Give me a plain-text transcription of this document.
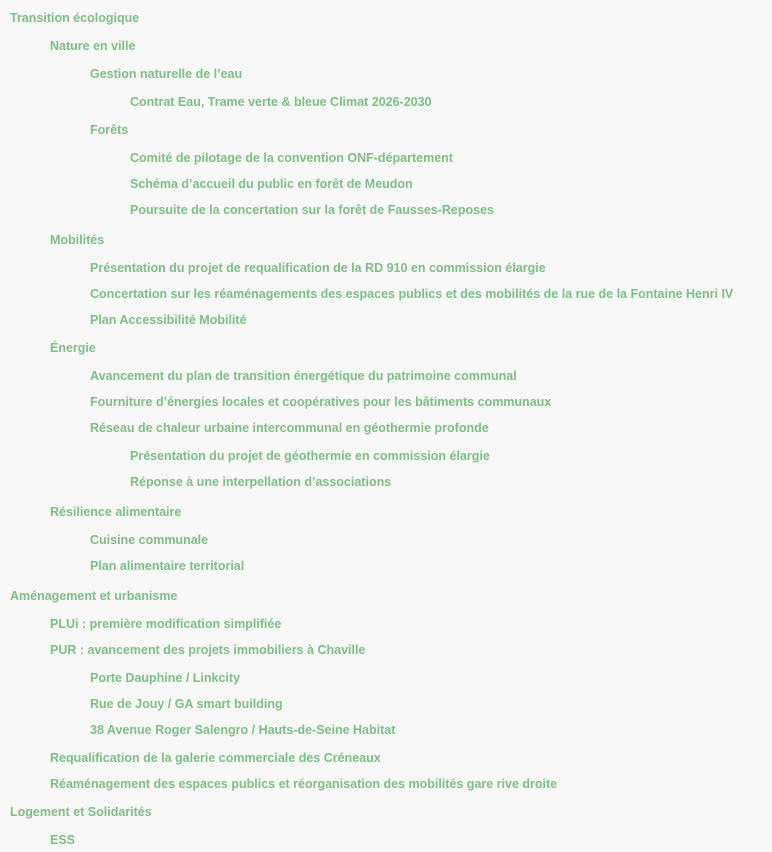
Transition écologique
Nature en ville
Gestion naturelle de l’eau
Contrat Eau, Trame verte & bleue Climat 2026-2030
Forêts
Comité de pilotage de la convention ONF-département
Schéma d’accueil du public en forêt de Meudon
Poursuite de la concertation sur la forêt de Fausses-Reposes
Mobilités
Présentation du projet de requalification de la RD 910 en commission élargie
Concertation sur les réaménagements des espaces publics et des mobilités de la rue de la Fontaine Henri IV
Plan Accessibilité Mobilité
Énergie
Avancement du plan de transition énergétique du patrimoine communal
Fourniture d’énergies locales et coopératives pour les bâtiments communaux
Réseau de chaleur urbaine intercommunal en géothermie profonde
Présentation du projet de géothermie en commission élargie
Réponse à une interpellation d’associations
Résilience alimentaire
Cuisine communale
Plan alimentaire territorial
Aménagement et urbanisme
PLUi : première modification simplifiée
PUR : avancement des projets immobiliers à Chaville
Porte Dauphine / Linkcity
Rue de Jouy / GA smart building
38 Avenue Roger Salengro / Hauts-de-Seine Habitat
Requalification de la galerie commerciale des Créneaux
Réaménagement des espaces publics et réorganisation des mobilités gare rive droite
Logement et Solidarités
ESS
